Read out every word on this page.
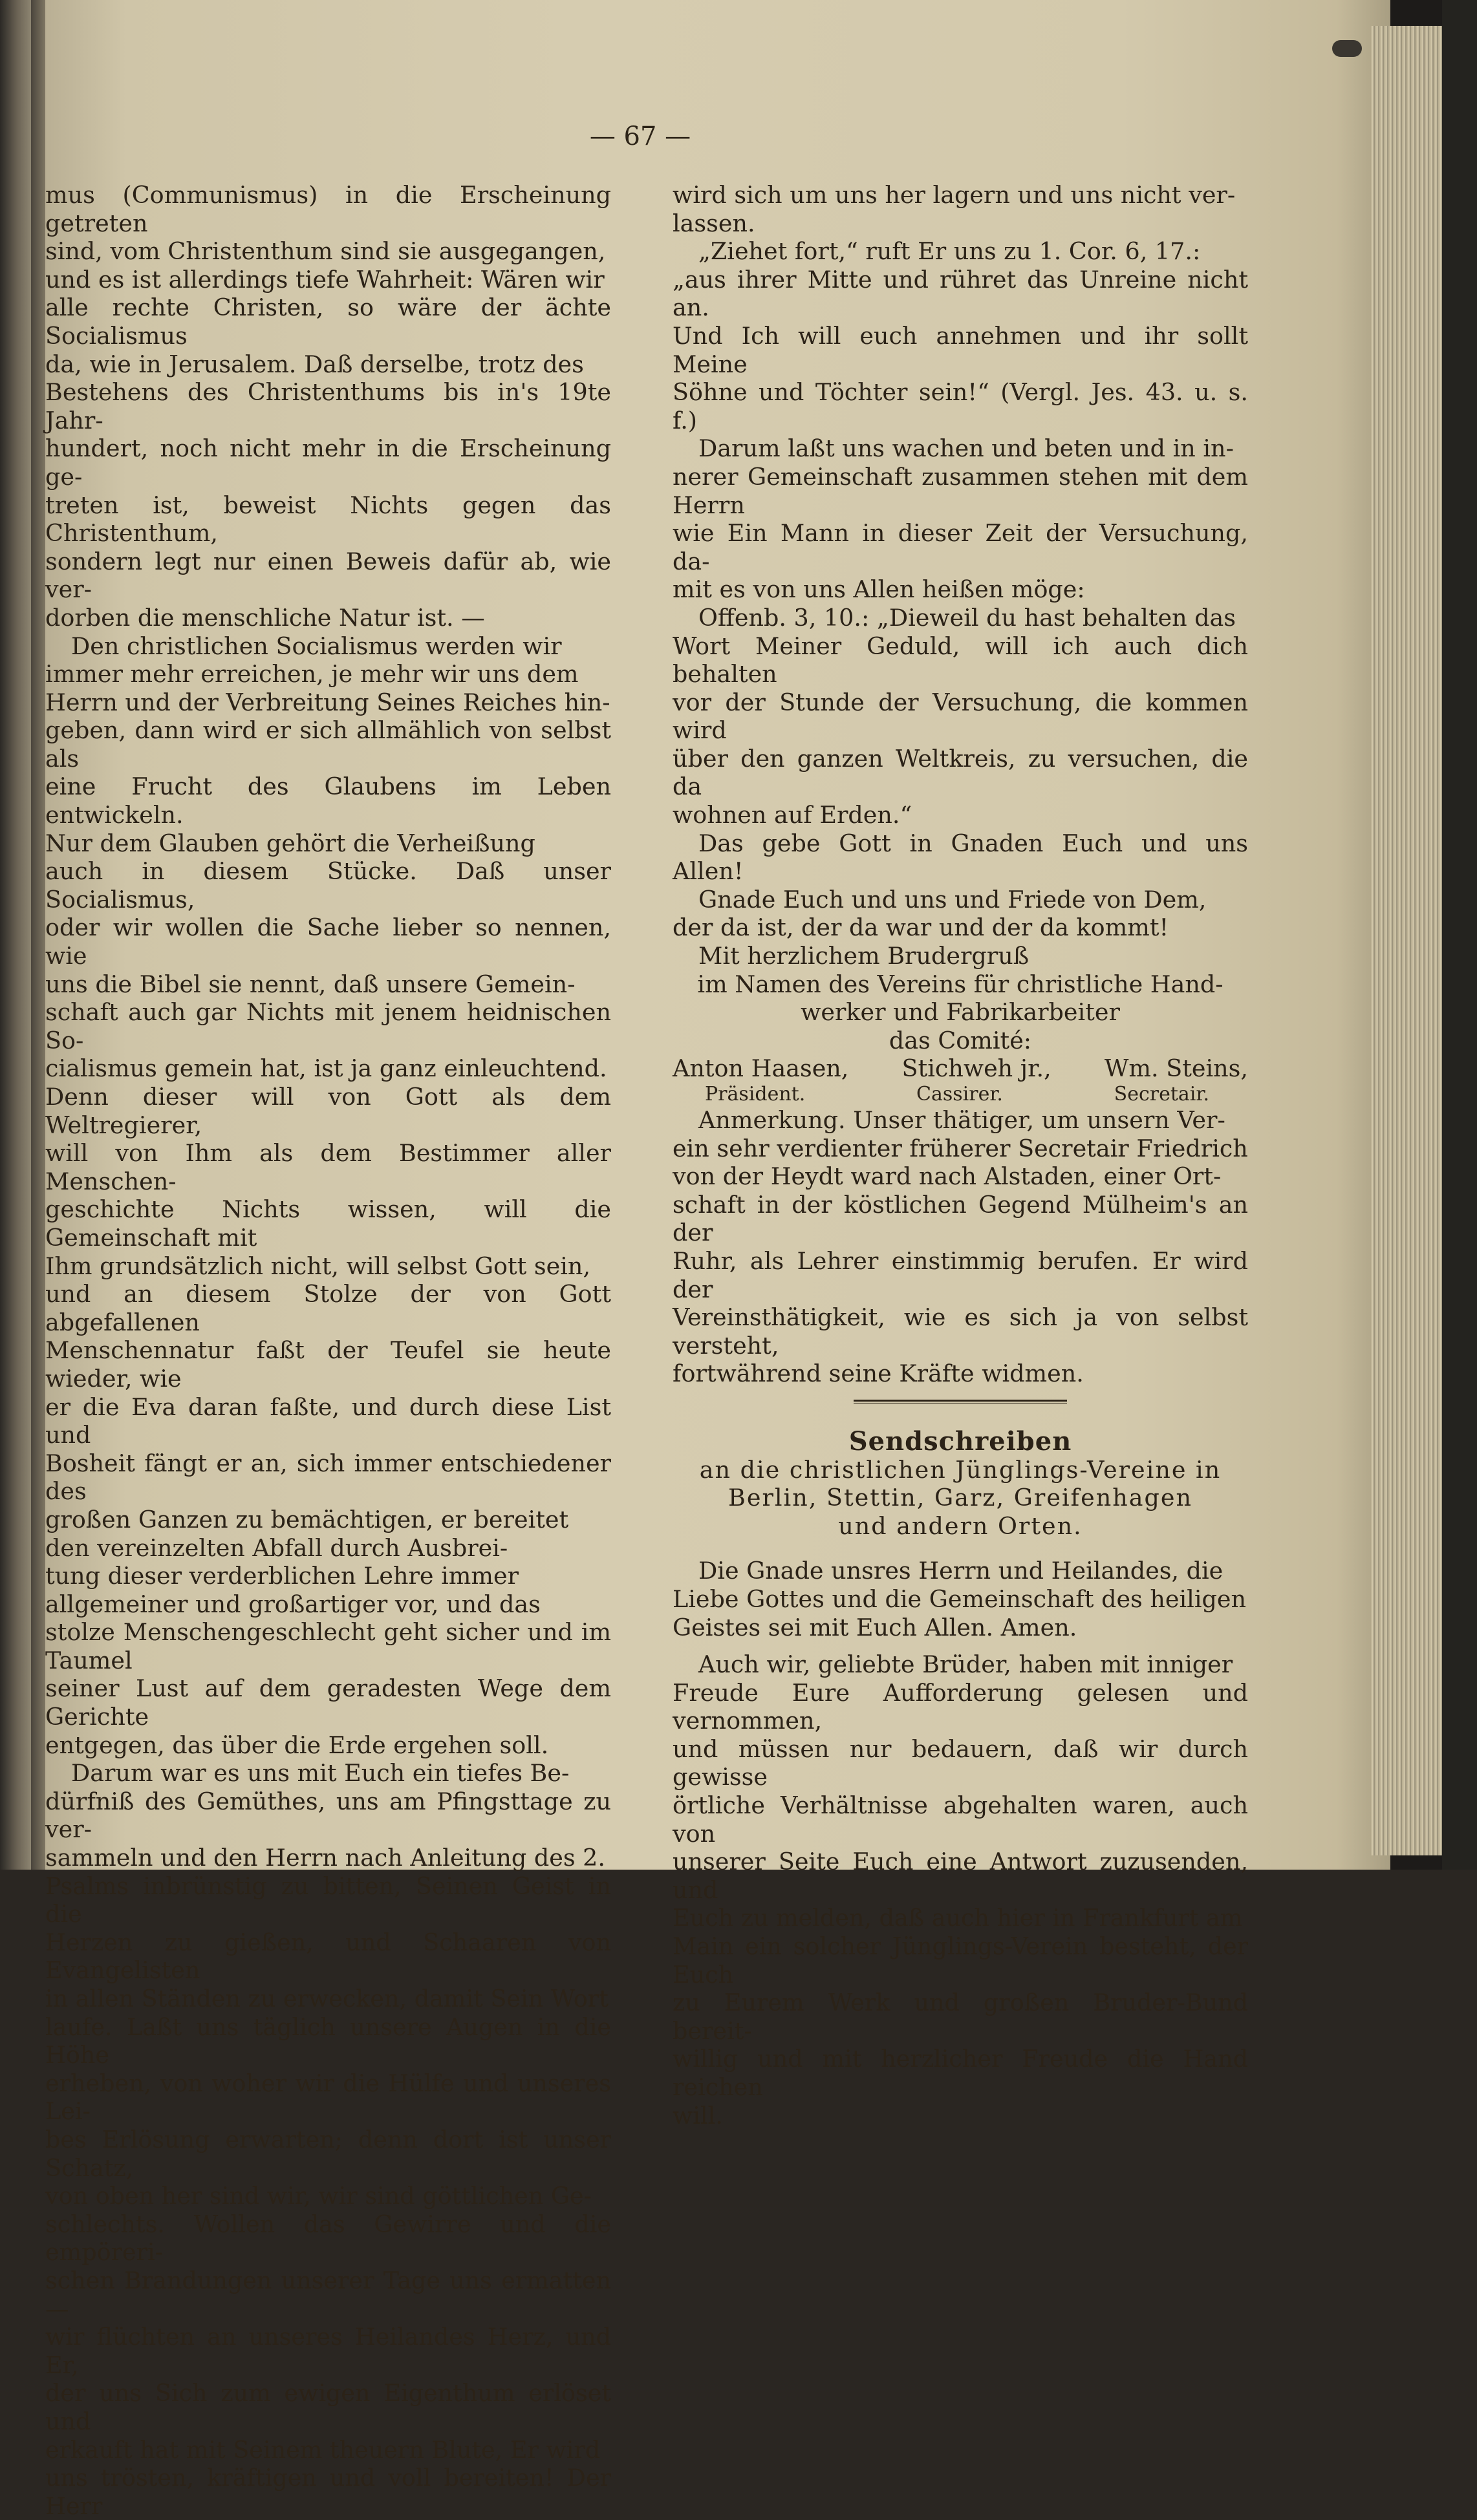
— 67 —

mus (Communismus) in die Erscheinung getreten

sind, vom Christenthum sind sie ausgegangen,

und es ist allerdings tiefe Wahrheit: Wären wir

alle rechte Christen, so wäre der ächte Socialismus

da, wie in Jerusalem. Daß derselbe, trotz des

Bestehens des Christenthums bis in's 19te Jahr-

hundert, noch nicht mehr in die Erscheinung ge-

treten ist, beweist Nichts gegen das Christenthum,

sondern legt nur einen Beweis dafür ab, wie ver-

dorben die menschliche Natur ist. —

Den christlichen Socialismus werden wir

immer mehr erreichen, je mehr wir uns dem

Herrn und der Verbreitung Seines Reiches hin-

geben, dann wird er sich allmählich von selbst als

eine Frucht des Glaubens im Leben entwickeln.

Nur dem Glauben gehört die Verheißung

auch in diesem Stücke. Daß unser Socialismus,

oder wir wollen die Sache lieber so nennen, wie

uns die Bibel sie nennt, daß unsere Gemein-

schaft auch gar Nichts mit jenem heidnischen So-

cialismus gemein hat, ist ja ganz einleuchtend.

Denn dieser will von Gott als dem Weltregierer,

will von Ihm als dem Bestimmer aller Menschen-

geschichte Nichts wissen, will die Gemeinschaft mit

Ihm grundsätzlich nicht, will selbst Gott sein,

und an diesem Stolze der von Gott abgefallenen

Menschennatur faßt der Teufel sie heute wieder, wie

er die Eva daran faßte, und durch diese List und

Bosheit fängt er an, sich immer entschiedener des

großen Ganzen zu bemächtigen, er bereitet

den vereinzelten Abfall durch Ausbrei-

tung dieser verderblichen Lehre immer

allgemeiner und großartiger vor, und das

stolze Menschengeschlecht geht sicher und im Taumel

seiner Lust auf dem geradesten Wege dem Gerichte

entgegen, das über die Erde ergehen soll.

Darum war es uns mit Euch ein tiefes Be-

dürfniß des Gemüthes, uns am Pfingsttage zu ver-

sammeln und den Herrn nach Anleitung des 2.

Psalms inbrünstig zu bitten, Seinen Geist in die

Herzen zu gießen, und Schaaren von Evangelisten

in allen Ständen zu erwecken, damit Sein Wort

laufe. Laßt uns täglich unsere Augen in die Höhe

erheben, von woher wir die Hülfe und unseres Lei-

bes Erlösung erwarten; denn dort ist unser Schatz,

von oben her sind wir, wir sind göttlichen Ge-

schlechts. Wollen das Gewirre und die empöreri-

schen Brandungen unserer Tage uns ermatten —

wir flüchten an unseres Heilandes Herz, und Er,

der uns Sich zum ewigen Eigenthum erlöset und

erkauft hat mit Seinem theuern Blute, Er wird

uns trösten, kräftigen und voll bereiten! Der Herr

wird sich um uns her lagern und uns nicht ver-

lassen.

„Ziehet fort,“ ruft Er uns zu 1. Cor. 6, 17.:

„aus ihrer Mitte und rühret das Unreine nicht an.

Und Ich will euch annehmen und ihr sollt Meine

Söhne und Töchter sein!“ (Vergl. Jes. 43. u. s. f.)

Darum laßt uns wachen und beten und in in-

nerer Gemeinschaft zusammen stehen mit dem Herrn

wie Ein Mann in dieser Zeit der Versuchung, da-

mit es von uns Allen heißen möge:

Offenb. 3, 10.: „Dieweil du hast behalten das

Wort Meiner Geduld, will ich auch dich behalten

vor der Stunde der Versuchung, die kommen wird

über den ganzen Weltkreis, zu versuchen, die da

wohnen auf Erden.“

Das gebe Gott in Gnaden Euch und uns Allen!

Gnade Euch und uns und Friede von Dem,

der da ist, der da war und der da kommt!

Mit herzlichem Brudergruß

im Namen des Vereins für christliche Hand-

werker und Fabrikarbeiter

das Comité:

Anton Haasen, Stichweh jr., Wm. Steins,
Präsident.	Cassirer.	Secretair.

Anmerkung. Unser thätiger, um unsern Ver-

ein sehr verdienter früherer Secretair Friedrich

von der Heydt ward nach Alstaden, einer Ort-

schaft in der köstlichen Gegend Mülheim's an der

Ruhr, als Lehrer einstimmig berufen. Er wird der

Vereinsthätigkeit, wie es sich ja von selbst versteht,

fortwährend seine Kräfte widmen.

Sendschreiben

an die christlichen Jünglings-Vereine in

Berlin, Stettin, Garz, Greifenhagen

und andern Orten.

Die Gnade unsres Herrn und Heilandes, die

Liebe Gottes und die Gemeinschaft des heiligen

Geistes sei mit Euch Allen. Amen.

Auch wir, geliebte Brüder, haben mit inniger

Freude Eure Aufforderung gelesen und vernommen,

und müssen nur bedauern, daß wir durch gewisse

örtliche Verhältnisse abgehalten waren, auch von

unserer Seite Euch eine Antwort zuzusenden, und

Euch zu melden, daß auch hier in Frankfurt am

Main ein solcher Jünglings-Verein besteht, der Euch

zu Eurem Werk und großen Bruder-Bund bereit-

willig und mit herzlicher Freude die Hand reichen

will.
